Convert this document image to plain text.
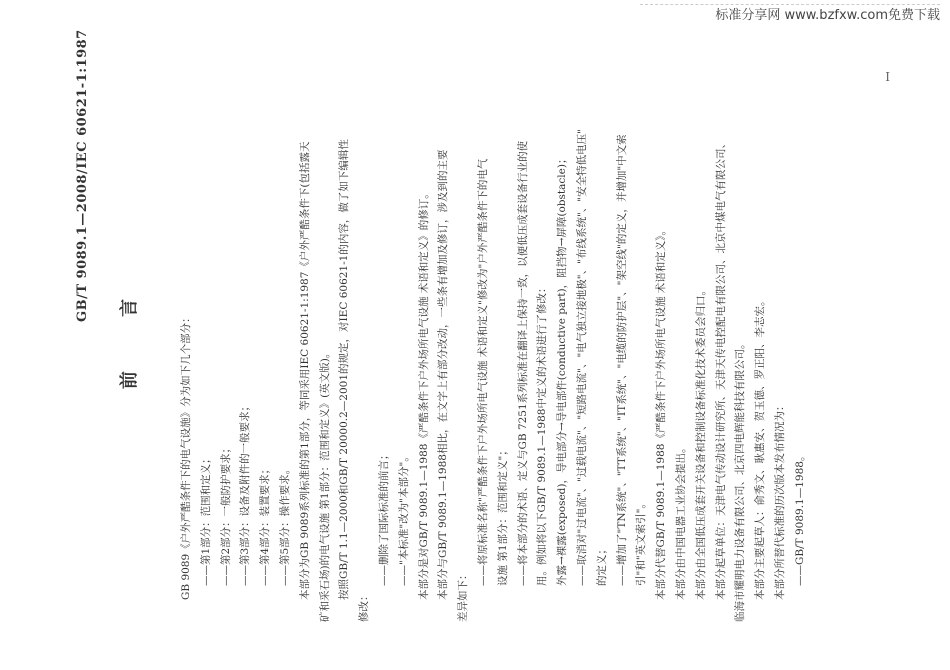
标准分享网 www.bzfxw.com免费下载
I
GB/T 9089.1—2008/IEC 60621-1:1987
前 言	GB 9089《户外严酷条件下的电气设施》分为如下几个部分： ——第1部分：范围和定义； ——第2部分：一般防护要求； ——第3部分：设备及附件的一般要求； ——第4部分：装置要求； ——第5部分：操作要求。 本部分为GB 9089系列标准的第1部分，等同采用IEC 60621-1:1987《户外严酷条件下(包括露天 矿和采石场)的电气设施 第1部分：范围和定义》(英文版)。 按照GB/T 1.1—2000和GB/T 20000.2—2001的规定，对IEC 60621-1的内容，做了如下编辑性
修改：
——删除了国际标准的前言； ——"本标准"改为"本部分"。 本部分是对GB/T 9089.1—1988《严酷条件下户外场所电气设施 术语和定义》的修订。 本部分与GB/T 9089.1—1988相比，在文字上有部分改动，一些条有增加及修订，涉及到的主要 差异如下：
——将原标准名称"严酷条件下户外场所电气设施 术语和定义"修改为"户外严酷条件下的电气 设施 第1部分：范围和定义"； ——将本部分的术语、定义与GB 7251系列标准在翻译上保持一致，以便低压成套设备行业的使 用。例如将以下GB/T 9089.1—1988中定义的术语进行了修改： 外露→裸露(exposed)，导电部分→导电部件(conductive part)，阻挡物→屏障(obstacle)； ——取消对"过电流"、"过载电流"、"短路电流"、"电气独立接地极"、"布线系统"、"安全特低电压" 的定义； ——增加了"TN系统"、"TT系统"、"IT系统"、"电缆的防护层"、"架空线"的定义，并增加"中文索 引"和"英文索引"。 本部分代替GB/T 9089.1—1988《严酷条件下户外场所电气设施 术语和定义》。 本部分由中国电器工业协会提出。 本部分由全国低压成套开关设备和控制设备标准化技术委员会归口。 本部分起草单位：天津电气传动设计研究所、天津天传电控配电有限公司、北京中煤电气有限公司、 临海市耀明电力设备有限公司、北京四电辉能科技有限公司。 本部分主要起草人：俞秀文、耿惠安、贺玉德、罗正阳、李志宏。 本部分所替代标准的历次版本发布情况为： ——GB/T 9089.1—1988。
